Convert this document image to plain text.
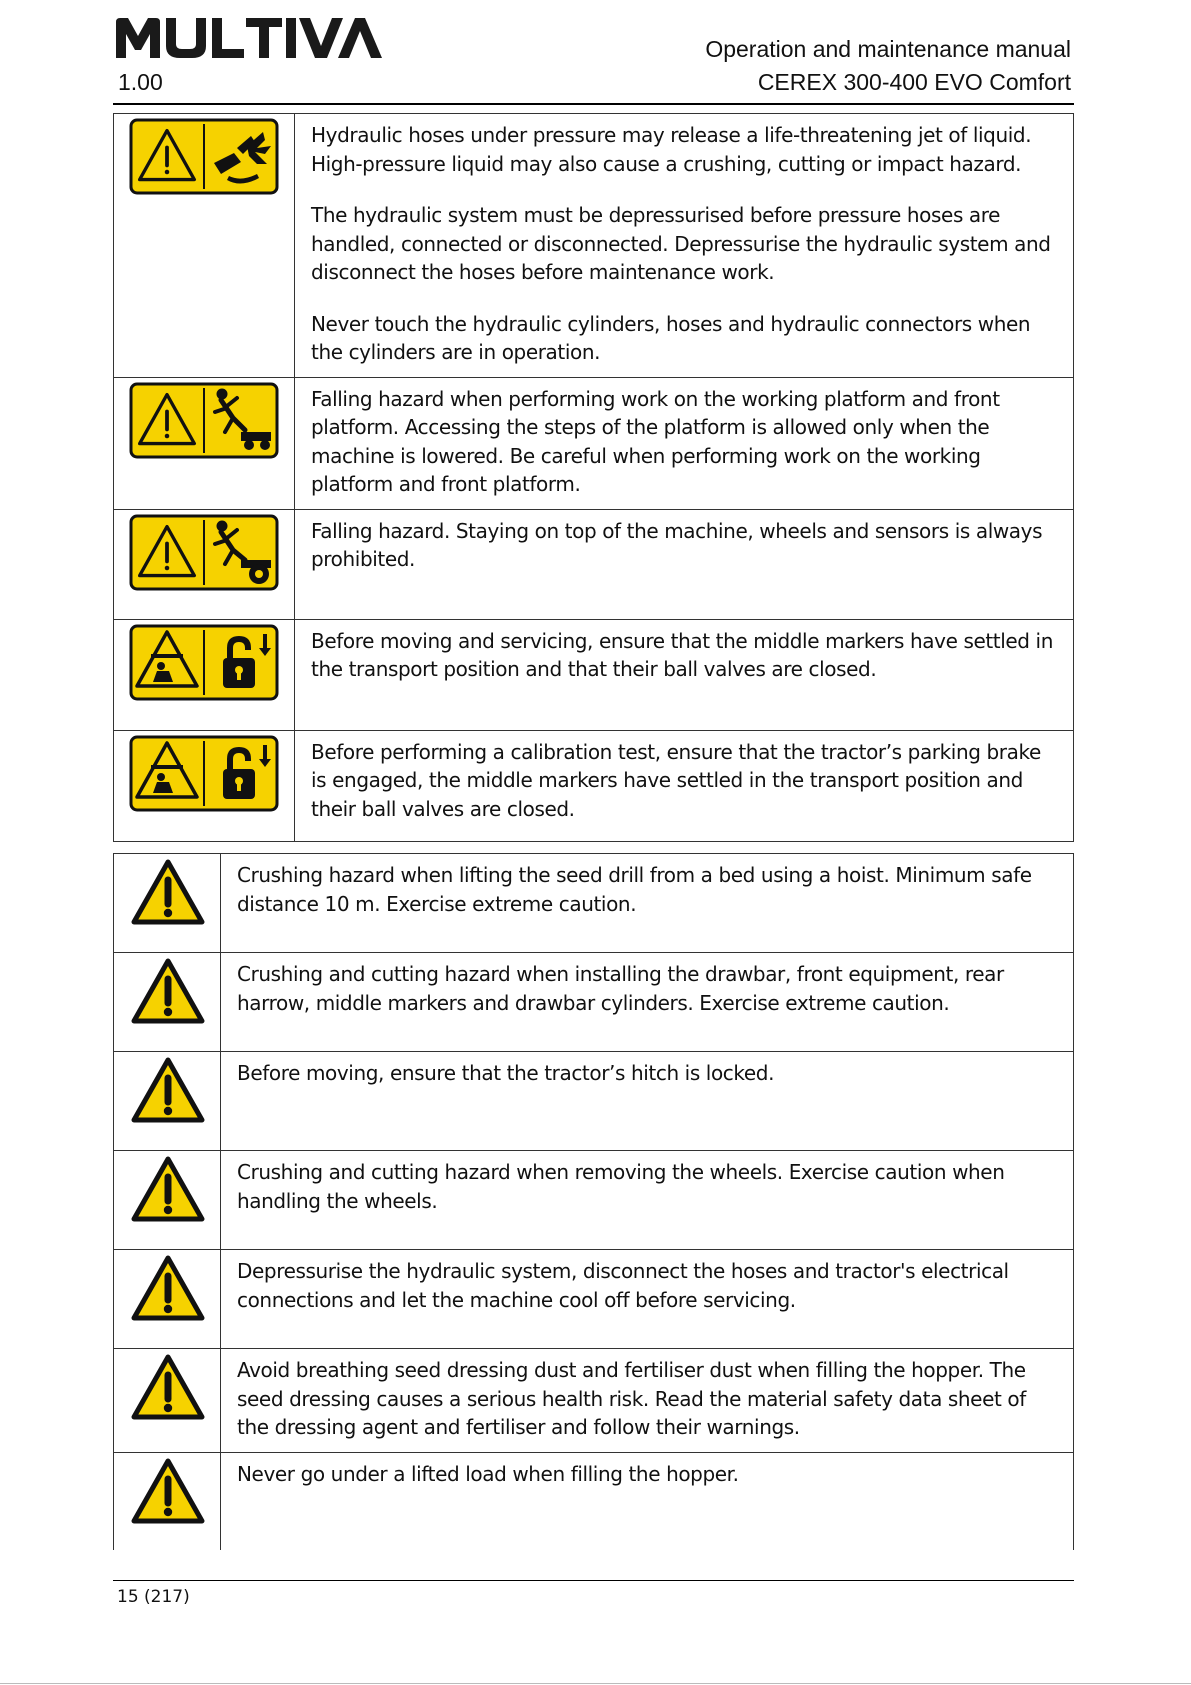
Operation and maintenance manual
1.00	CEREX 300-400 EVO Comfort

Hydraulic hoses under pressure may release a life-threatening jet of liquid. High-pressure liquid may also cause a crushing, cutting or impact hazard.

The hydraulic system must be depressurised before pressure hoses are handled, connected or disconnected. Depressurise the hydraulic system and disconnect the hoses before maintenance work.

Never touch the hydraulic cylinders, hoses and hydraulic connectors when the cylinders are in operation.

Falling hazard when performing work on the working platform and front platform. Accessing the steps of the platform is allowed only when the machine is lowered. Be careful when performing work on the working platform and front platform.

Falling hazard. Staying on top of the machine, wheels and sensors is always prohibited.

Before moving and servicing, ensure that the middle markers have settled in the transport position and that their ball valves are closed.

Before performing a calibration test, ensure that the tractor’s parking brake is engaged, the middle markers have settled in the transport position and their ball valves are closed.

Crushing hazard when lifting the seed drill from a bed using a hoist. Minimum safe distance 10 m. Exercise extreme caution.

Crushing and cutting hazard when installing the drawbar, front equipment, rear harrow, middle markers and drawbar cylinders. Exercise extreme caution.

Before moving, ensure that the tractor’s hitch is locked.

Crushing and cutting hazard when removing the wheels. Exercise caution when handling the wheels.

Depressurise the hydraulic system, disconnect the hoses and tractor's electrical connections and let the machine cool off before servicing.

Avoid breathing seed dressing dust and fertiliser dust when filling the hopper. The seed dressing causes a serious health risk. Read the material safety data sheet of the dressing agent and fertiliser and follow their warnings.

Never go under a lifted load when filling the hopper.
15 (217)
